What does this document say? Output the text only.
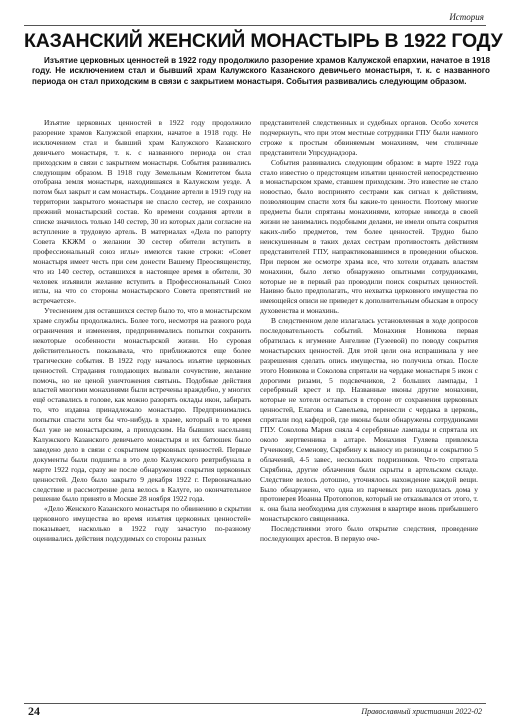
История
КАЗАНСКИЙ ЖЕНСКИЙ МОНАСТЫРЬ В 1922 ГОДУ
Изъятие церковных ценностей в 1922 году продолжило разорение храмов Калужской епархии, начатое в 1918 году. Не исключением стал и бывший храм Калужского Казанского девичьего монастыря, т. к. с названного периода он стал приходским в связи с закрытием монастыря. События развивались следующим образом.

Изъятие церковных ценностей в 1922 году продолжило разорение храмов Калужской епархии, начатое в 1918 году. Не исключением стал и бывший храм Калужского Казанского девичьего монастыря, т. к. с названного периода он стал приходским в связи с закрытием монастыря. События развивались следующим образом. В 1918 году Земельным Комитетом была отобрана земля монастыря, находившаяся в Калужском уезде. А потом был закрыт и сам монастырь. Создание артели в 1919 году на территории закрытого монастыря не спасло сестер, не сохранило прежний монастырский состав. Ко времени создания артели в списке значилось только 140 сестер, 30 из которых дали согласие на вступление в трудовую артель. В материалах «Дела по рапорту Совета ККЖМ о желании 30 сестер обители вступить в профессиональный союз иглы» имеются такие строки: «Совет монастыря имеет честь при сем донести Вашему Преосвященству, что из 140 сестер, оставшихся в настоящее время в обители, 30 человек изъявили желание вступить в Профессиональный Союз иглы, на что со стороны монастырского Совета препятствий не встречается».

Утеснением для оставшихся сестер было то, что в монастырском храме службы продолжались. Более того, несмотря на разного рода ограничения и изменения, предпринимались попытки сохранить некоторые особенности монастырской жизни. Но суровая действительность показывала, что приближаются еще более трагические события. В 1922 году началось изъятие церковных ценностей. Страдания голодающих вызвали сочувствие, желание помочь, но не ценой уничтожения святынь. Подобные действия властей многими монахинями были встречены враждебно, у многих ещё оставались в голове, как можно разорять оклады икон, забирать то, что издавна принадлежало монастырю. Предпринимались попытки спасти хотя бы что-нибудь в храме, который в то время был уже не монастырским, а приходским. На бывших насельниц Калужского Казанского девичьего монастыря и их батюшек было заведено дело в связи с сокрытием церковных ценностей. Первые документы были подшиты в это дело Калужского ревтрибунала в марте 1922 года, сразу же после обнаружения сокрытия церковных ценностей. Дело было закрыто 9 декабря 1922 г. Первоначально следствие и рассмотрение дела велось в Калуге, но окончательное решение было принято в Москве 28 ноября 1922 года.

«Дело Женского Казанского монастыря по обвинению в скрытии церковного имущества во время изъятия церковных ценностей» показывает, насколько в 1922 году зачастую по-разному оценивались действия подсудимых со стороны разных

представителей следственных и судебных органов. Особо хочется подчеркнуть, что при этом местные сотрудники ГПУ были намного строже к простым обвиняемым монахиням, чем столичные представители Упрсуднадзора.

События развивались следующим образом: в марте 1922 года стало известно о предстоящем изъятии ценностей непосредственно в монастырском храме, ставшем приходским. Это известие не стало новостью, было воспринято сестрами как сигнал к действиям, позволяющим спасти хотя бы какие-то ценности. Поэтому многие предметы были спрятаны монахинями, которые никогда в своей жизни не занимались подобными делами, не имели опыта сокрытия каких-либо предметов, тем более ценностей. Трудно было неискушенным в таких делах сестрам противостоять действиям представителей ГПУ, напрактиковавшимся в проведении обысков. При первом же осмотре храма все, что хотели отдавать властям монахини, было легко обнаружено опытными сотрудниками, которые не в первый раз проводили поиск сокрытых ценностей. Наивно было предполагать, что нехватка церковного имущества по имеющейся описи не приведет к дополнительным обыскам в опросу духовенства и монахинь.

В следственном деле излагалась установленная в ходе допросов последовательность событий. Монахиня Новикова первая обратилась к игумение Ангелине (Гузеевой) по поводу сокрытия монастырских ценностей. Для этой цели она испрашивала у нее разрешения сделать опись имущества, но получила отказ. После этого Новикова и Соколова спрятали на чердаке монастыря 5 икон с дорогими ризами, 5 подсвечников, 2 больших лампады, 1 серебряный крест и пр. Названные иконы другие монахини, которые не хотели оставаться в стороне от сохранения церковных ценностей, Елагова и Савельева, перенесли с чердака в церковь, спрятали под кафедрой, где иконы были обнаружены сотрудниками ГПУ. Соколова Мария сняла 4 серебряные лампады и спрятала их около жертвенника в алтаре. Монахиня Гуляева привлекла Гученкову, Семенову, Скрябину к выносу из ризницы и сокрытию 5 облачений, 4-5 завес, нескольких подризников. Что-то спрятала Скрябина, другие облачения были скрыты в артельском складе. Следствие велось дотошно, уточнялось нахождение каждой вещи. Было обнаружено, что одна из парчевых риз находилась дома у протоиерея Иоанна Протопопов, который не отказывался от этого, т. к. она была необходима для служения в квартире вновь прибывшего монастырского священника.

Последствиями этого было открытие следствия, проведение последующих арестов. В первую оче-

24	Православный христианин 2022-02
